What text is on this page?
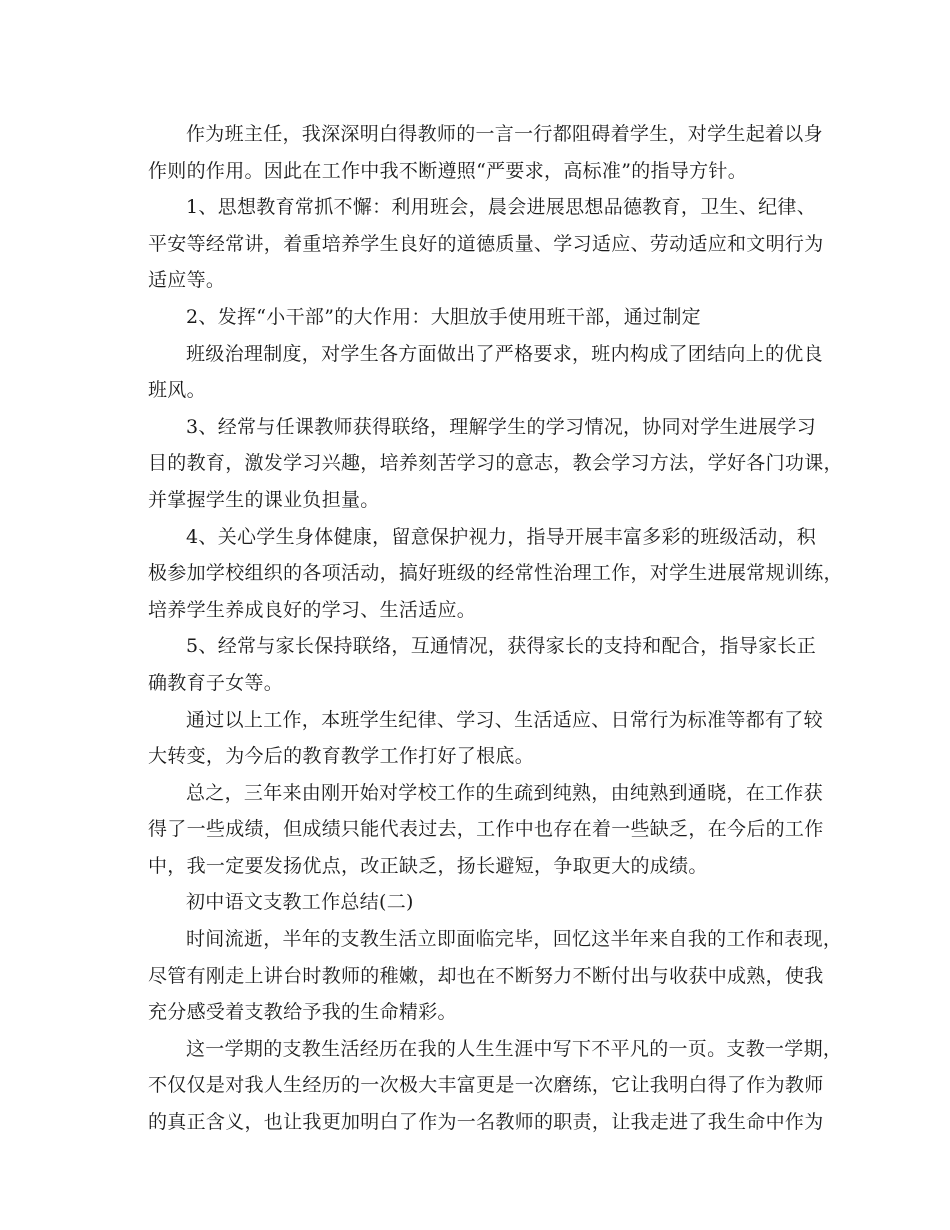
作为班主任，我深深明白得教师的一言一行都阻碍着学生，对学生起着以身
作则的作用。因此在工作中我不断遵照“严要求，高标准”的指导方针。
1、思想教育常抓不懈：利用班会，晨会进展思想品德教育，卫生、纪律、
平安等经常讲，着重培养学生良好的道德质量、学习适应、劳动适应和文明行为
适应等。
2、发挥“小干部”的大作用：大胆放手使用班干部，通过制定
班级治理制度，对学生各方面做出了严格要求，班内构成了团结向上的优良
班风。
3、经常与任课教师获得联络，理解学生的学习情况，协同对学生进展学习
目的教育，激发学习兴趣，培养刻苦学习的意志，教会学习方法，学好各门功课，
并掌握学生的课业负担量。
4、关心学生身体健康，留意保护视力，指导开展丰富多彩的班级活动，积
极参加学校组织的各项活动，搞好班级的经常性治理工作，对学生进展常规训练，
培养学生养成良好的学习、生活适应。
5、经常与家长保持联络，互通情况，获得家长的支持和配合，指导家长正
确教育子女等。
通过以上工作，本班学生纪律、学习、生活适应、日常行为标准等都有了较
大转变，为今后的教育教学工作打好了根底。
总之，三年来由刚开始对学校工作的生疏到纯熟，由纯熟到通晓，在工作获
得了一些成绩，但成绩只能代表过去，工作中也存在着一些缺乏，在今后的工作
中，我一定要发扬优点，改正缺乏，扬长避短，争取更大的成绩。
初中语文支教工作总结(二)
时间流逝，半年的支教生活立即面临完毕，回忆这半年来自我的工作和表现，
尽管有刚走上讲台时教师的稚嫩，却也在不断努力不断付出与收获中成熟，使我
充分感受着支教给予我的生命精彩。
这一学期的支教生活经历在我的人生生涯中写下不平凡的一页。支教一学期，
不仅仅是对我人生经历的一次极大丰富更是一次磨练，它让我明白得了作为教师
的真正含义，也让我更加明白了作为一名教师的职责，让我走进了我生命中作为
